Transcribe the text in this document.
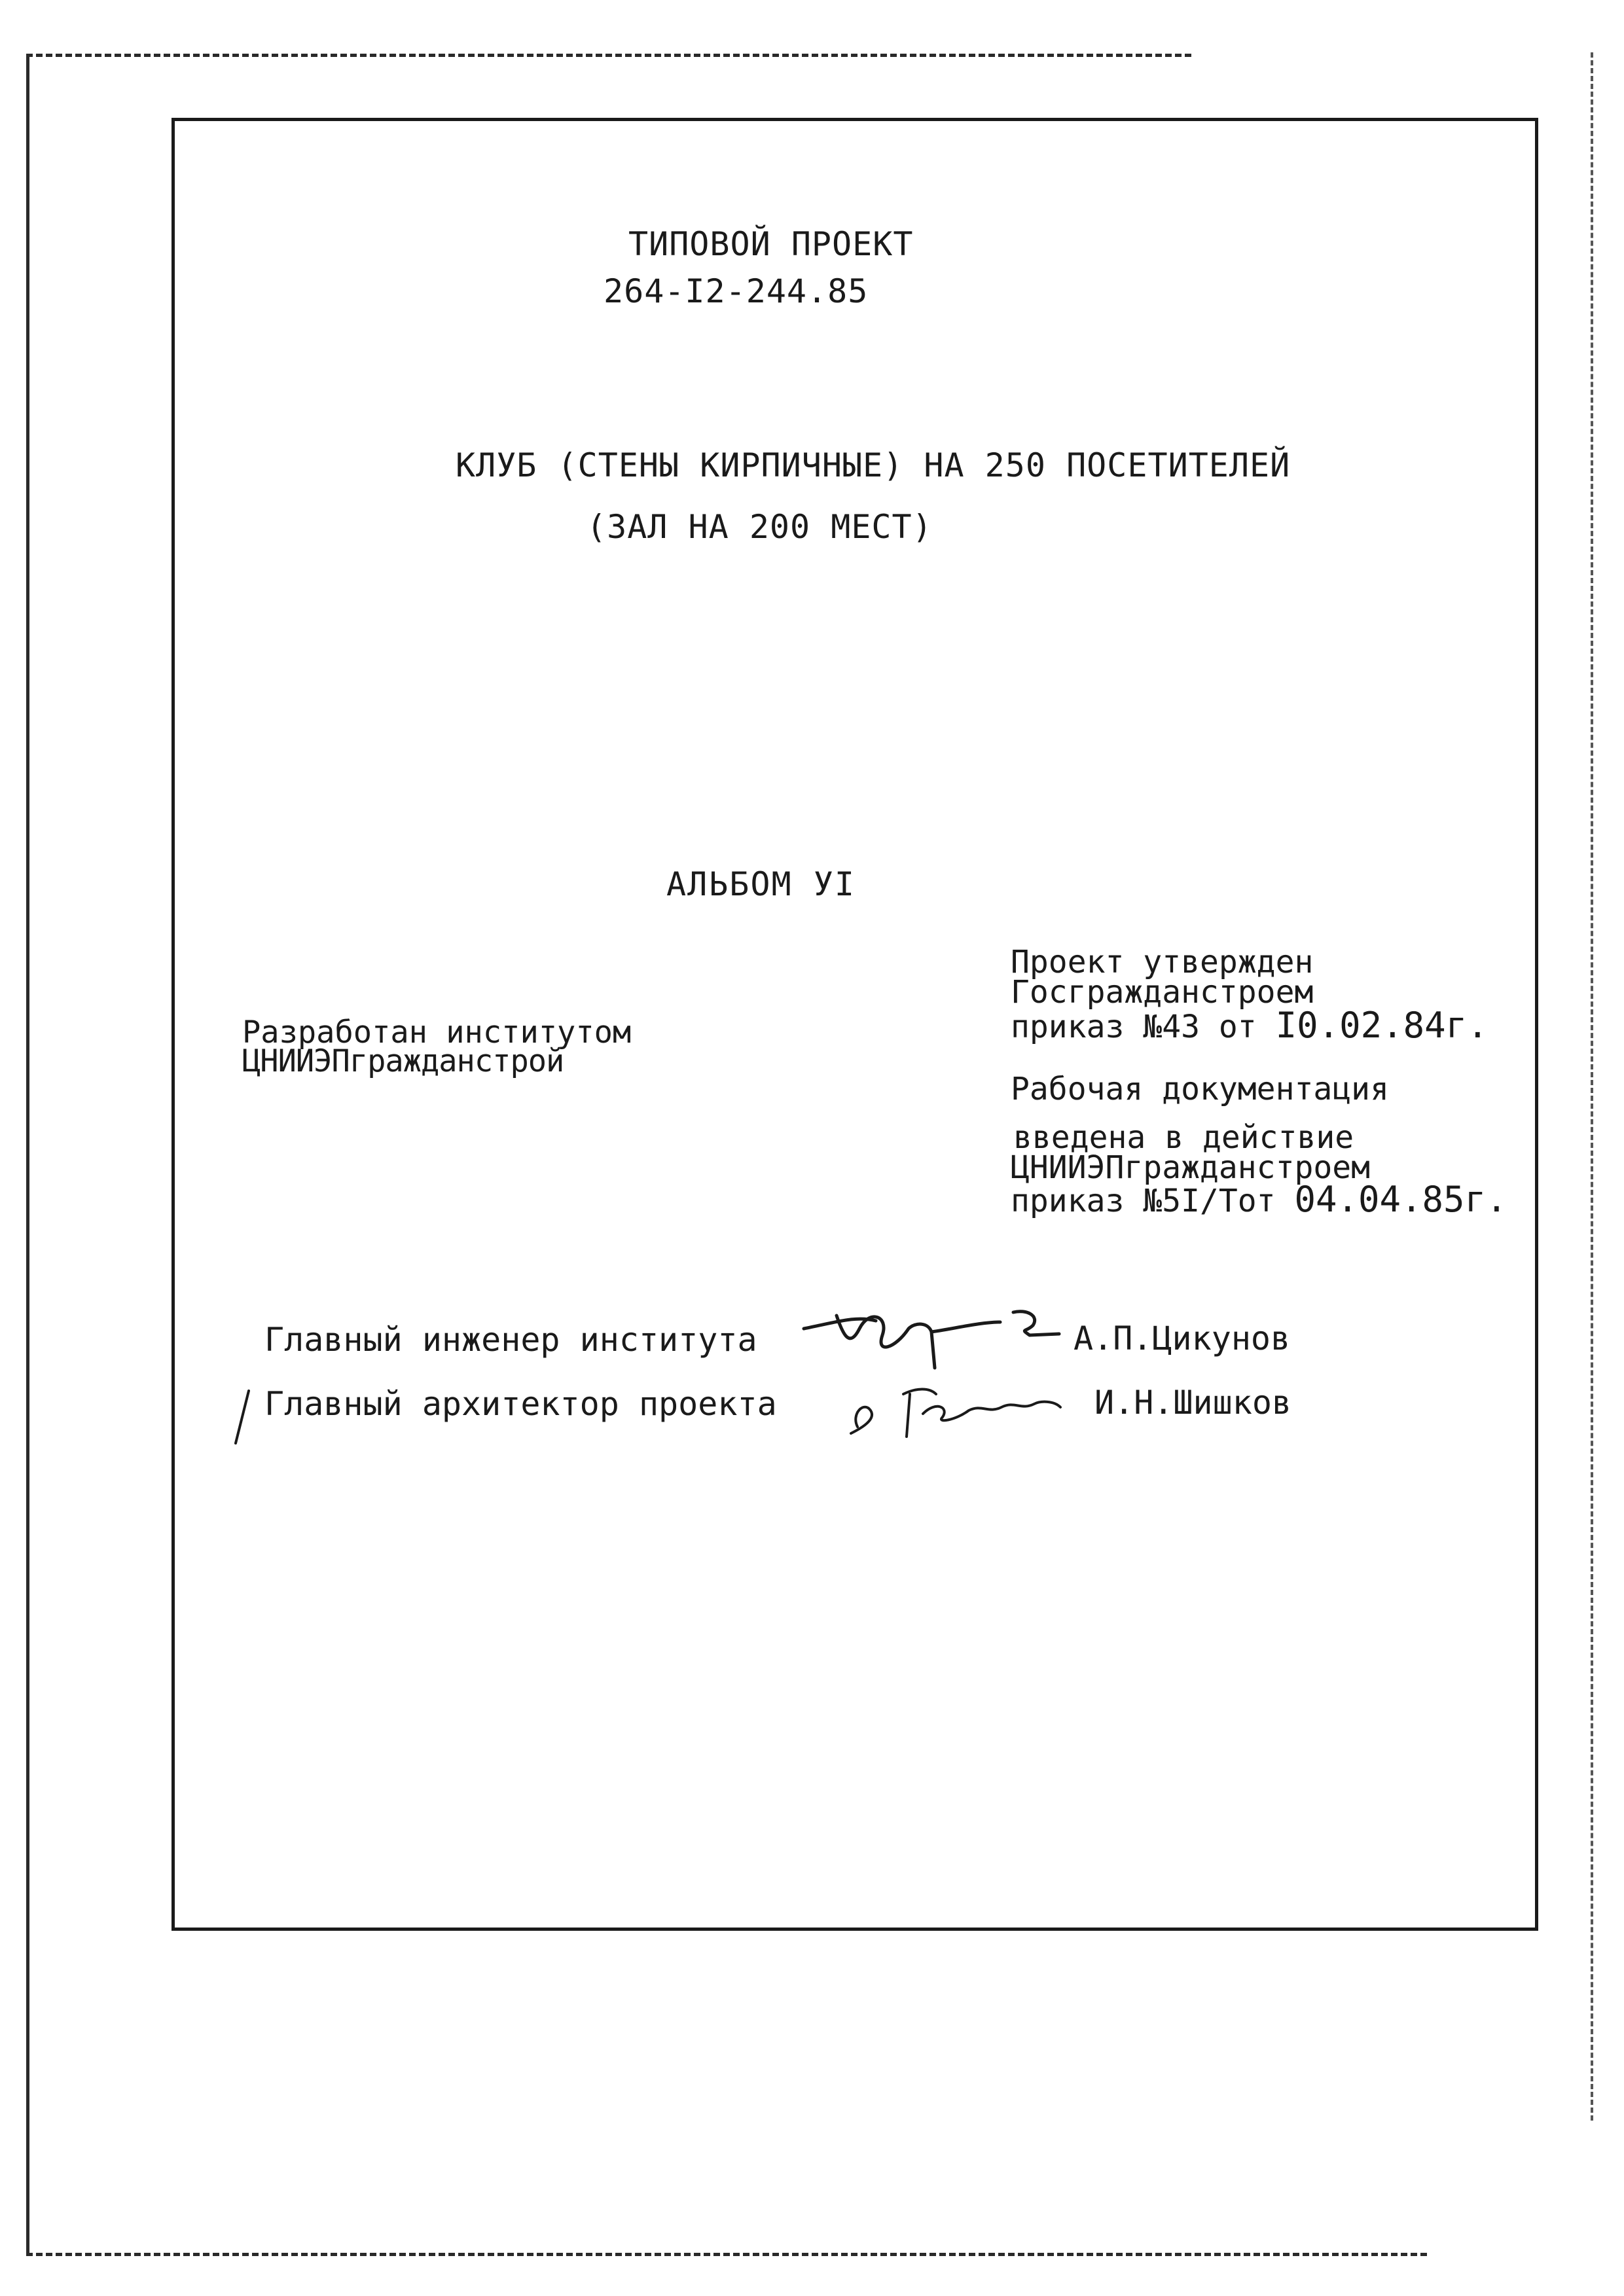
ТИПОВОЙ ПРОЕКТ
264-I2-244.85
КЛУБ (СТЕНЫ КИРПИЧНЫЕ) НА 250 ПОСЕТИТЕЛЕЙ
(ЗАЛ НА 200 МЕСТ)
АЛЬБОМ УI
Разработан институтом
ЦНИИЭПгражданстрой
Проект утвержден
Госгражданстроем
приказ №43 от I0.02.84г.
Рабочая документация
введена в действие
ЦНИИЭПгражданстроем
приказ №5I/Тот 04.04.85г.
Главный инженер института
Главный архитектор проекта
А.П.Цикунов
И.Н.Шишков
